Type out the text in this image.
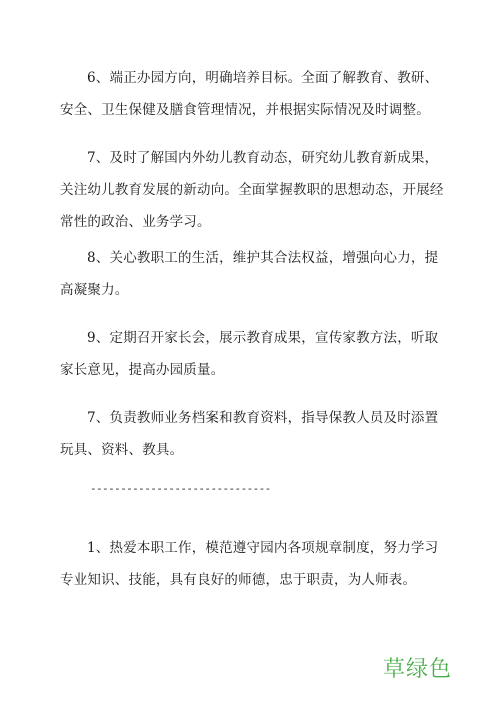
6、端正办园方向，明确培养目标。全面了解教育、教研、安全、卫生保健及膳食管理情况，并根据实际情况及时调整。

7、及时了解国内外幼儿教育动态，研究幼儿教育新成果，关注幼儿教育发展的新动向。全面掌握教职的思想动态，开展经常性的政治、业务学习。

8、关心教职工的生活，维护其合法权益，增强向心力，提高凝聚力。

9、定期召开家长会，展示教育成果，宣传家教方法，听取家长意见，提高办园质量。

7、负责教师业务档案和教育资料，指导保教人员及时添置玩具、资料、教具。

------------------------------

1、热爱本职工作，模范遵守园内各项规章制度，努力学习专业知识、技能，具有良好的师德，忠于职责，为人师表。

草绿色
